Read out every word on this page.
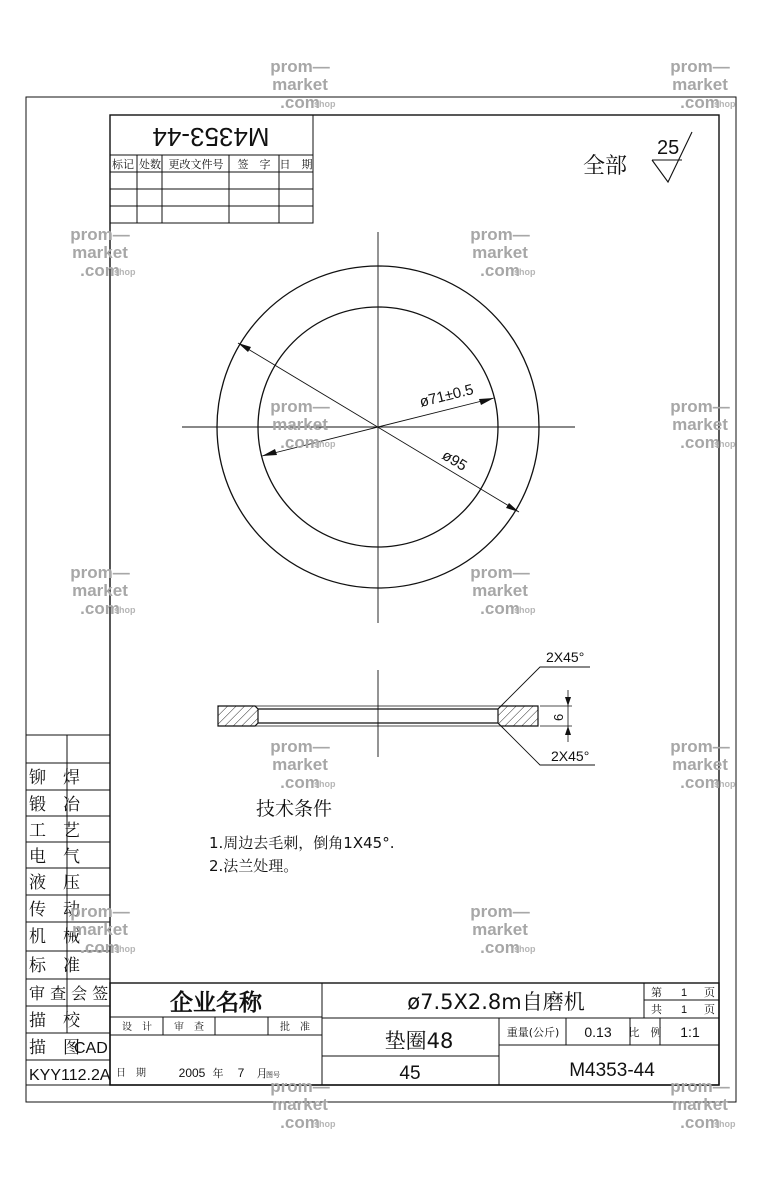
M4353-44
标记 处数 更改文件号 签　字 日　期	全部
25
ø71±0.5
ø95
2X45°
2X45°
6
技术条件
1.周边去毛刺，倒角1X45°.
2.法兰处理。
铆　焊
锻　冶
工　艺
电　气
液　压
传　动
机　械
标　准
审 查 会 签
描　校
描　图
CAD
KYY112.2A
企业名称	ø7.5X2.8m自磨机
垫圈48
45
重量(公斤) 0.13 比　例 1:1
M4353-44
第 1 页
共 1 页
设　计 审　查	批　准
日　期	2005 年 7 月
图号
prom—
market
.com
shop
prom—
market
.com
shop
prom—
market
.com
shop
prom—
market
.com
shop
prom—
market
.com
shop
prom—
market
.com
shop
prom—
market
.com
shop
prom—
market
.com
shop
prom—
market
.com
shop
prom—
market
.com
shop
prom—
market
.com
shop
prom—
market
.com
shop
prom—
market
.com
shop
prom—
market
.com
shop
